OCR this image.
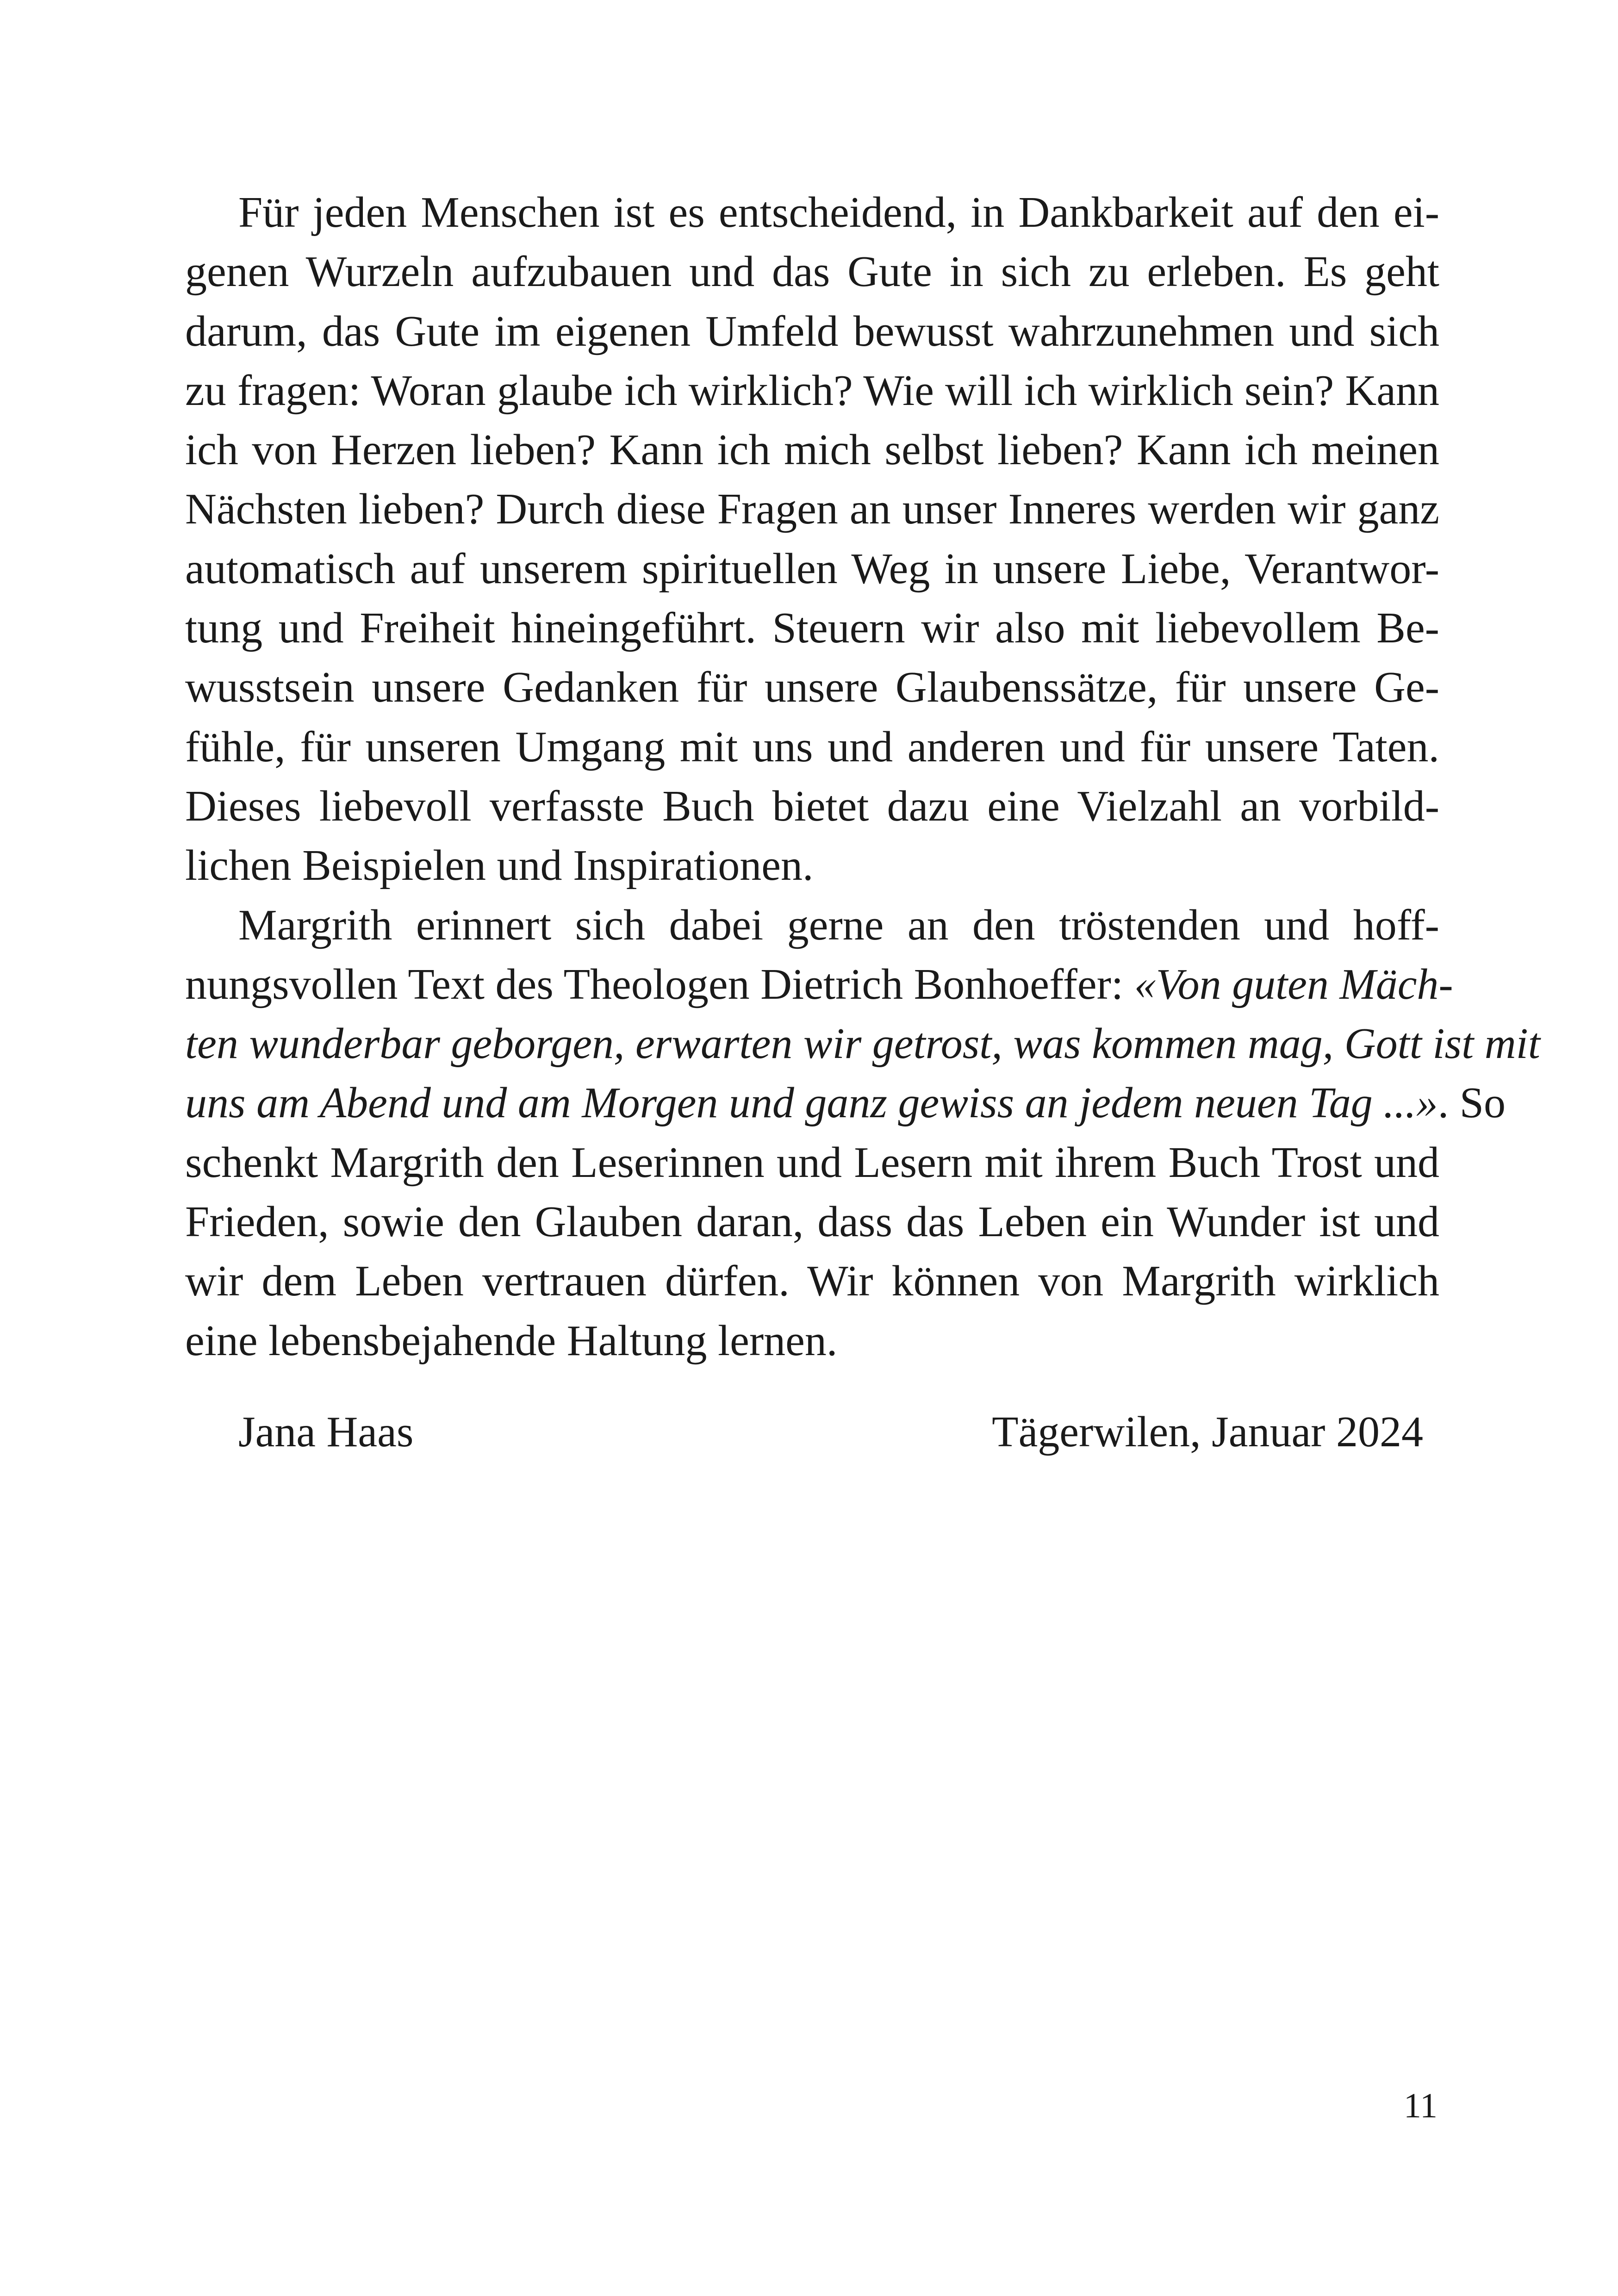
Für jeden Menschen ist es entscheidend, in Dankbarkeit auf den ei-
genen Wurzeln aufzubauen und das Gute in sich zu erleben. Es geht
darum, das Gute im eigenen Umfeld bewusst wahrzunehmen und sich
zu fragen: Woran glaube ich wirklich? Wie will ich wirklich sein? Kann
ich von Herzen lieben? Kann ich mich selbst lieben? Kann ich meinen
Nächsten lieben? Durch diese Fragen an unser Inneres werden wir ganz
automatisch auf unserem spirituellen Weg in unsere Liebe, Verantwor-
tung und Freiheit hineingeführt. Steuern wir also mit liebevollem Be-
wusstsein unsere Gedanken für unsere Glaubenssätze, für unsere Ge-
fühle, für unseren Umgang mit uns und anderen und für unsere Taten.
Dieses liebevoll verfasste Buch bietet dazu eine Vielzahl an vorbild-
lichen Beispielen und Inspirationen.
Margrith erinnert sich dabei gerne an den tröstenden und hoff-
nungsvollen Text des Theologen Dietrich Bonhoeffer: «Von guten Mäch-
ten wunderbar geborgen, erwarten wir getrost, was kommen mag, Gott ist mit
uns am Abend und am Morgen und ganz gewiss an jedem neuen Tag ...». So
schenkt Margrith den Leserinnen und Lesern mit ihrem Buch Trost und
Frieden, sowie den Glauben daran, dass das Leben ein Wunder ist und
wir dem Leben vertrauen dürfen. Wir können von Margrith wirklich
eine lebensbejahende Haltung lernen.
Jana Haas	Tägerwilen, Januar 2024
11
